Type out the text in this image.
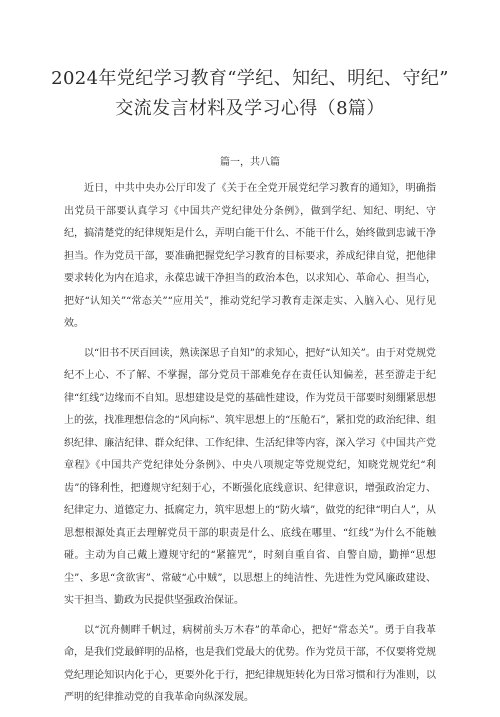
2024年党纪学习教育“学纪、知纪、明纪、守纪”
交流发言材料及学习心得（8篇）
篇一，共八篇

近日，中共中央办公厅印发了《关于在全党开展党纪学习教育的通知》，明确指出党员干部要认真学习《中国共产党纪律处分条例》，做到学纪、知纪、明纪、守纪，搞清楚党的纪律规矩是什么，弄明白能干什么、不能干什么，始终做到忠诚干净担当。作为党员干部，要准确把握党纪学习教育的目标要求，养成纪律自觉，把他律要求转化为内在追求，永葆忠诚干净担当的政治本色，以求知心、革命心、担当心，把好“认知关”“常态关”“应用关”，推动党纪学习教育走深走实、入脑入心、见行见效。

以“旧书不厌百回读，熟读深思子自知”的求知心，把好“认知关”。由于对党规党纪不上心、不了解、不掌握，部分党员干部难免存在责任认知偏差，甚至游走于纪律“红线”边缘而不自知。思想建设是党的基础性建设，作为党员干部要时刻绷紧思想上的弦，找准理想信念的“风向标”、筑牢思想上的“压舱石”，紧扣党的政治纪律、组织纪律、廉洁纪律、群众纪律、工作纪律、生活纪律等内容，深入学习《中国共产党章程》《中国共产党纪律处分条例》、中央八项规定等党规党纪，知晓党规党纪“利齿”的锋利性，把遵规守纪刻于心，不断强化底线意识、纪律意识，增强政治定力、纪律定力、道德定力、抵腐定力，筑牢思想上的“防火墙”，做党的纪律“明白人”，从思想根源处真正去理解党员干部的职责是什么、底线在哪里、“红线”为什么不能触碰。主动为自己戴上遵规守纪的“紧箍咒”，时刻自重自省、自警自励，勤掸“思想尘”、多思“贪欲害”、常破“心中贼”，以思想上的纯洁性、先进性为党风廉政建设、实干担当、勤政为民提供坚强政治保证。

以“沉舟侧畔千帆过，病树前头万木春”的革命心，把好“常态关”。勇于自我革命，是我们党最鲜明的品格，也是我们党最大的优势。作为党员干部，不仅要将党规党纪理论知识内化于心，更要外化于行，把纪律规矩转化为日常习惯和行为准则，以严明的纪律推动党的自我革命向纵深发展。
